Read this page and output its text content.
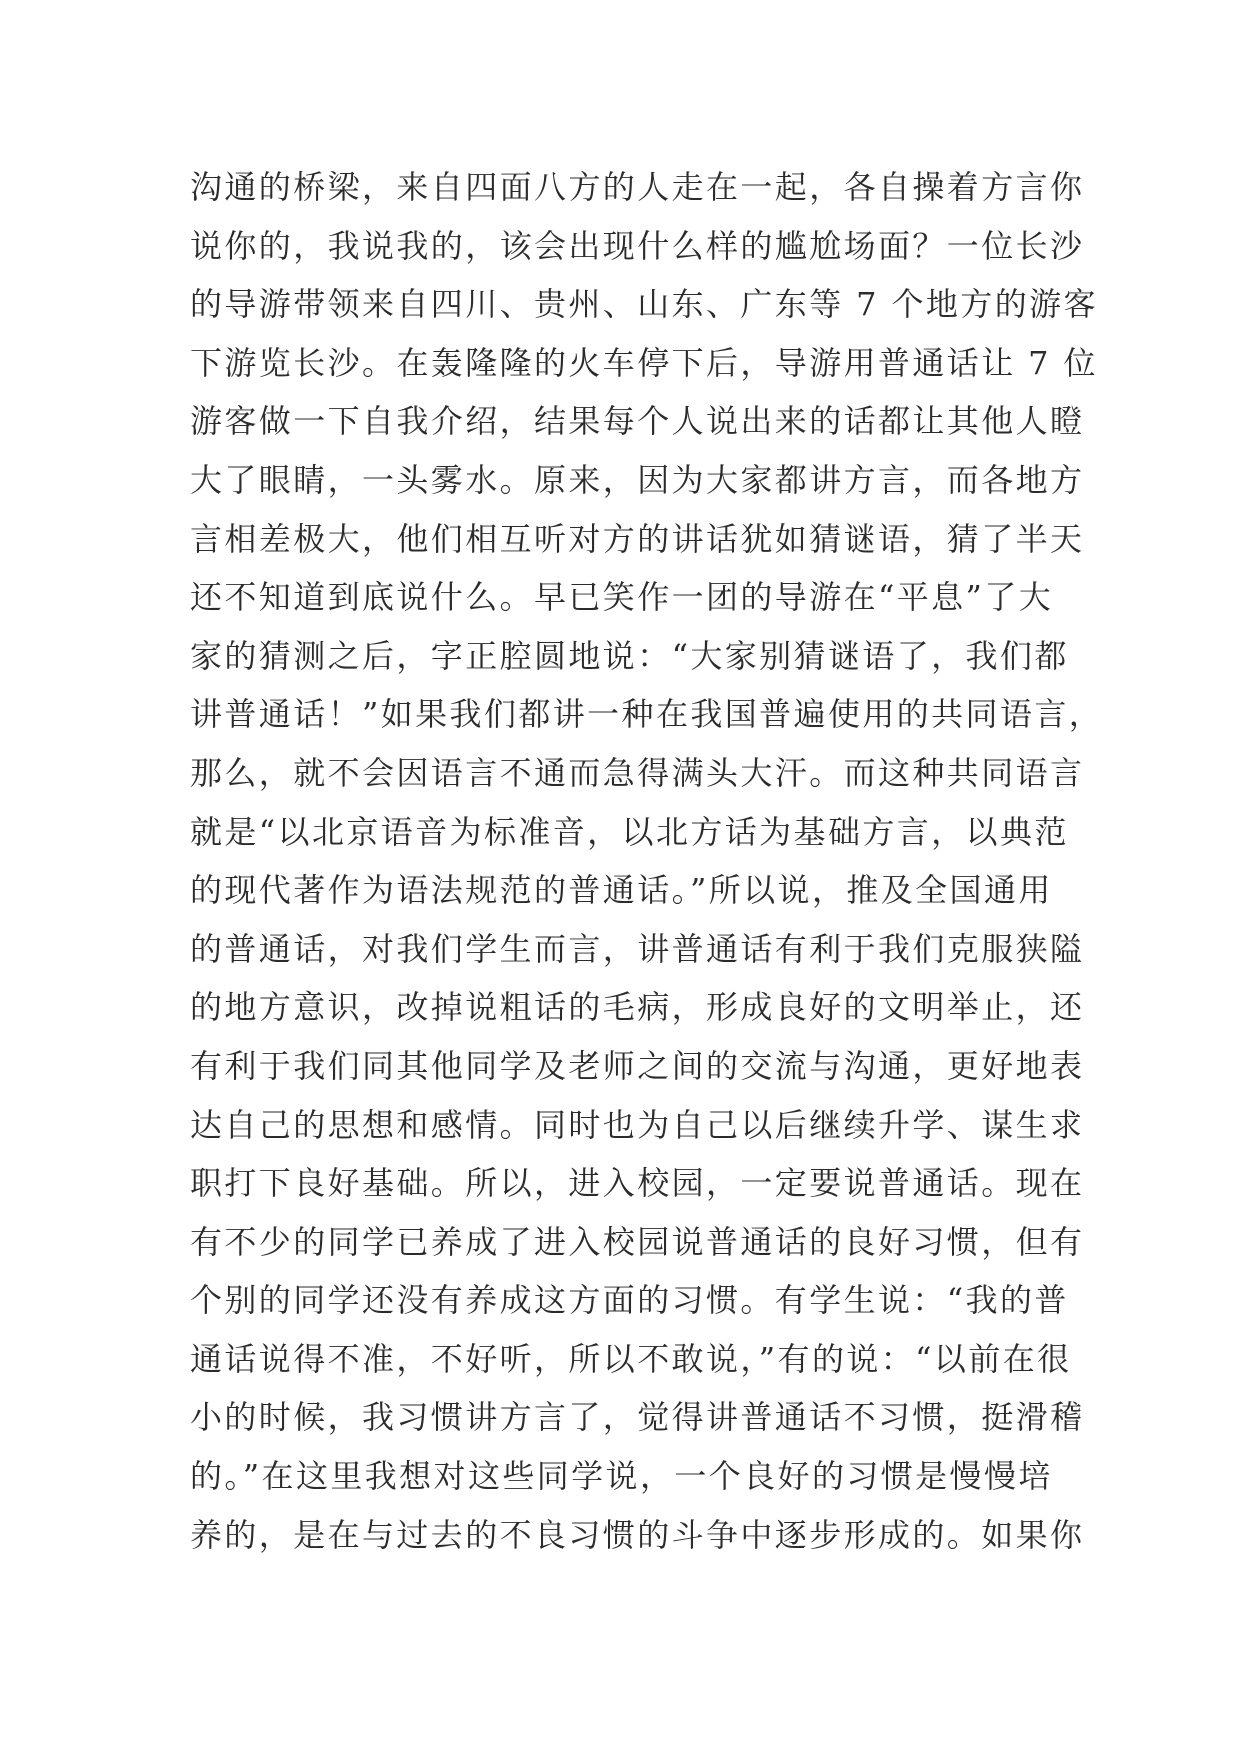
沟通的桥梁，来自四面八方的人走在一起，各自操着方言你
说你的，我说我的，该会出现什么样的尴尬场面？一位长沙
的导游带领来自四川、贵州、山东、广东等 7 个地方的游客
下游览长沙。在轰隆隆的火车停下后，导游用普通话让 7 位
游客做一下自我介绍，结果每个人说出来的话都让其他人瞪
大了眼睛，一头雾水。原来，因为大家都讲方言，而各地方
言相差极大，他们相互听对方的讲话犹如猜谜语，猜了半天
还不知道到底说什么。早已笑作一团的导游在“平息”了大
家的猜测之后，字正腔圆地说：“大家别猜谜语了，我们都
讲普通话！”如果我们都讲一种在我国普遍使用的共同语言，
那么，就不会因语言不通而急得满头大汗。而这种共同语言
就是“以北京语音为标准音，以北方话为基础方言，以典范
的现代著作为语法规范的普通话。”所以说，推及全国通用
的普通话，对我们学生而言，讲普通话有利于我们克服狭隘
的地方意识，改掉说粗话的毛病，形成良好的文明举止，还
有利于我们同其他同学及老师之间的交流与沟通，更好地表
达自己的思想和感情。同时也为自己以后继续升学、谋生求
职打下良好基础。所以，进入校园，一定要说普通话。现在
有不少的同学已养成了进入校园说普通话的良好习惯，但有
个别的同学还没有养成这方面的习惯。有学生说：“我的普
通话说得不准，不好听，所以不敢说，”有的说：“以前在很
小的时候，我习惯讲方言了，觉得讲普通话不习惯，挺滑稽
的。”在这里我想对这些同学说，一个良好的习惯是慢慢培
养的，是在与过去的不良习惯的斗争中逐步形成的。如果你
